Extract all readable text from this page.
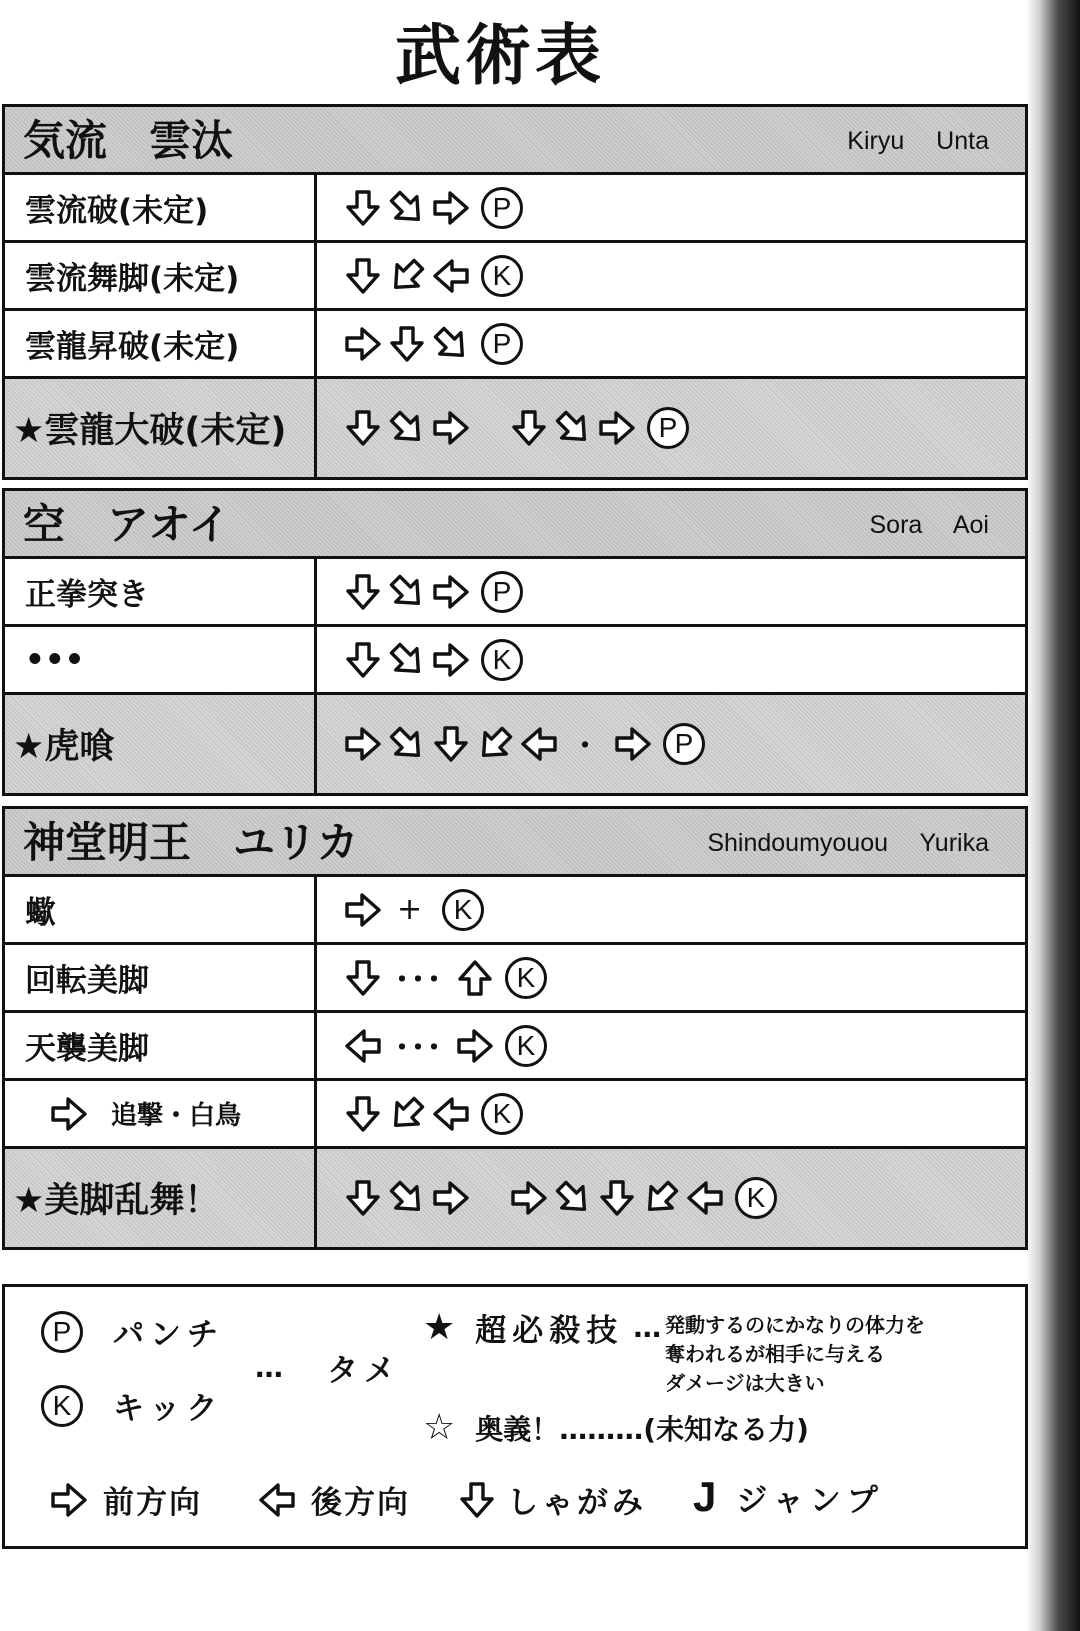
武術表
気流　雲汰	Kiryu　 Unta
雲流破(未定)	P
雲流舞脚(未定)	K
雲龍昇破(未定)	P
★雲龍大破(未定)	P
空　アオイ	Sora　 Aoi
正拳突き	P
•••	K
★虎喰	・	P
神堂明王　ユリカ	Shindoumyouou　 Yurika
蠍	+	K
回転美脚	･･･	K
天襲美脚	･･･	K
追撃・白鳥	K
★美脚乱舞！	K
P	パンチ
K	キック
… タメ
★ 超必殺技 … 発動するのにかなりの体力を
奪われるが相手に与える
ダメージは大きい
☆ 奥義！………(未知なる力)
前方向	後方向	しゃがみ J ジャンプ
